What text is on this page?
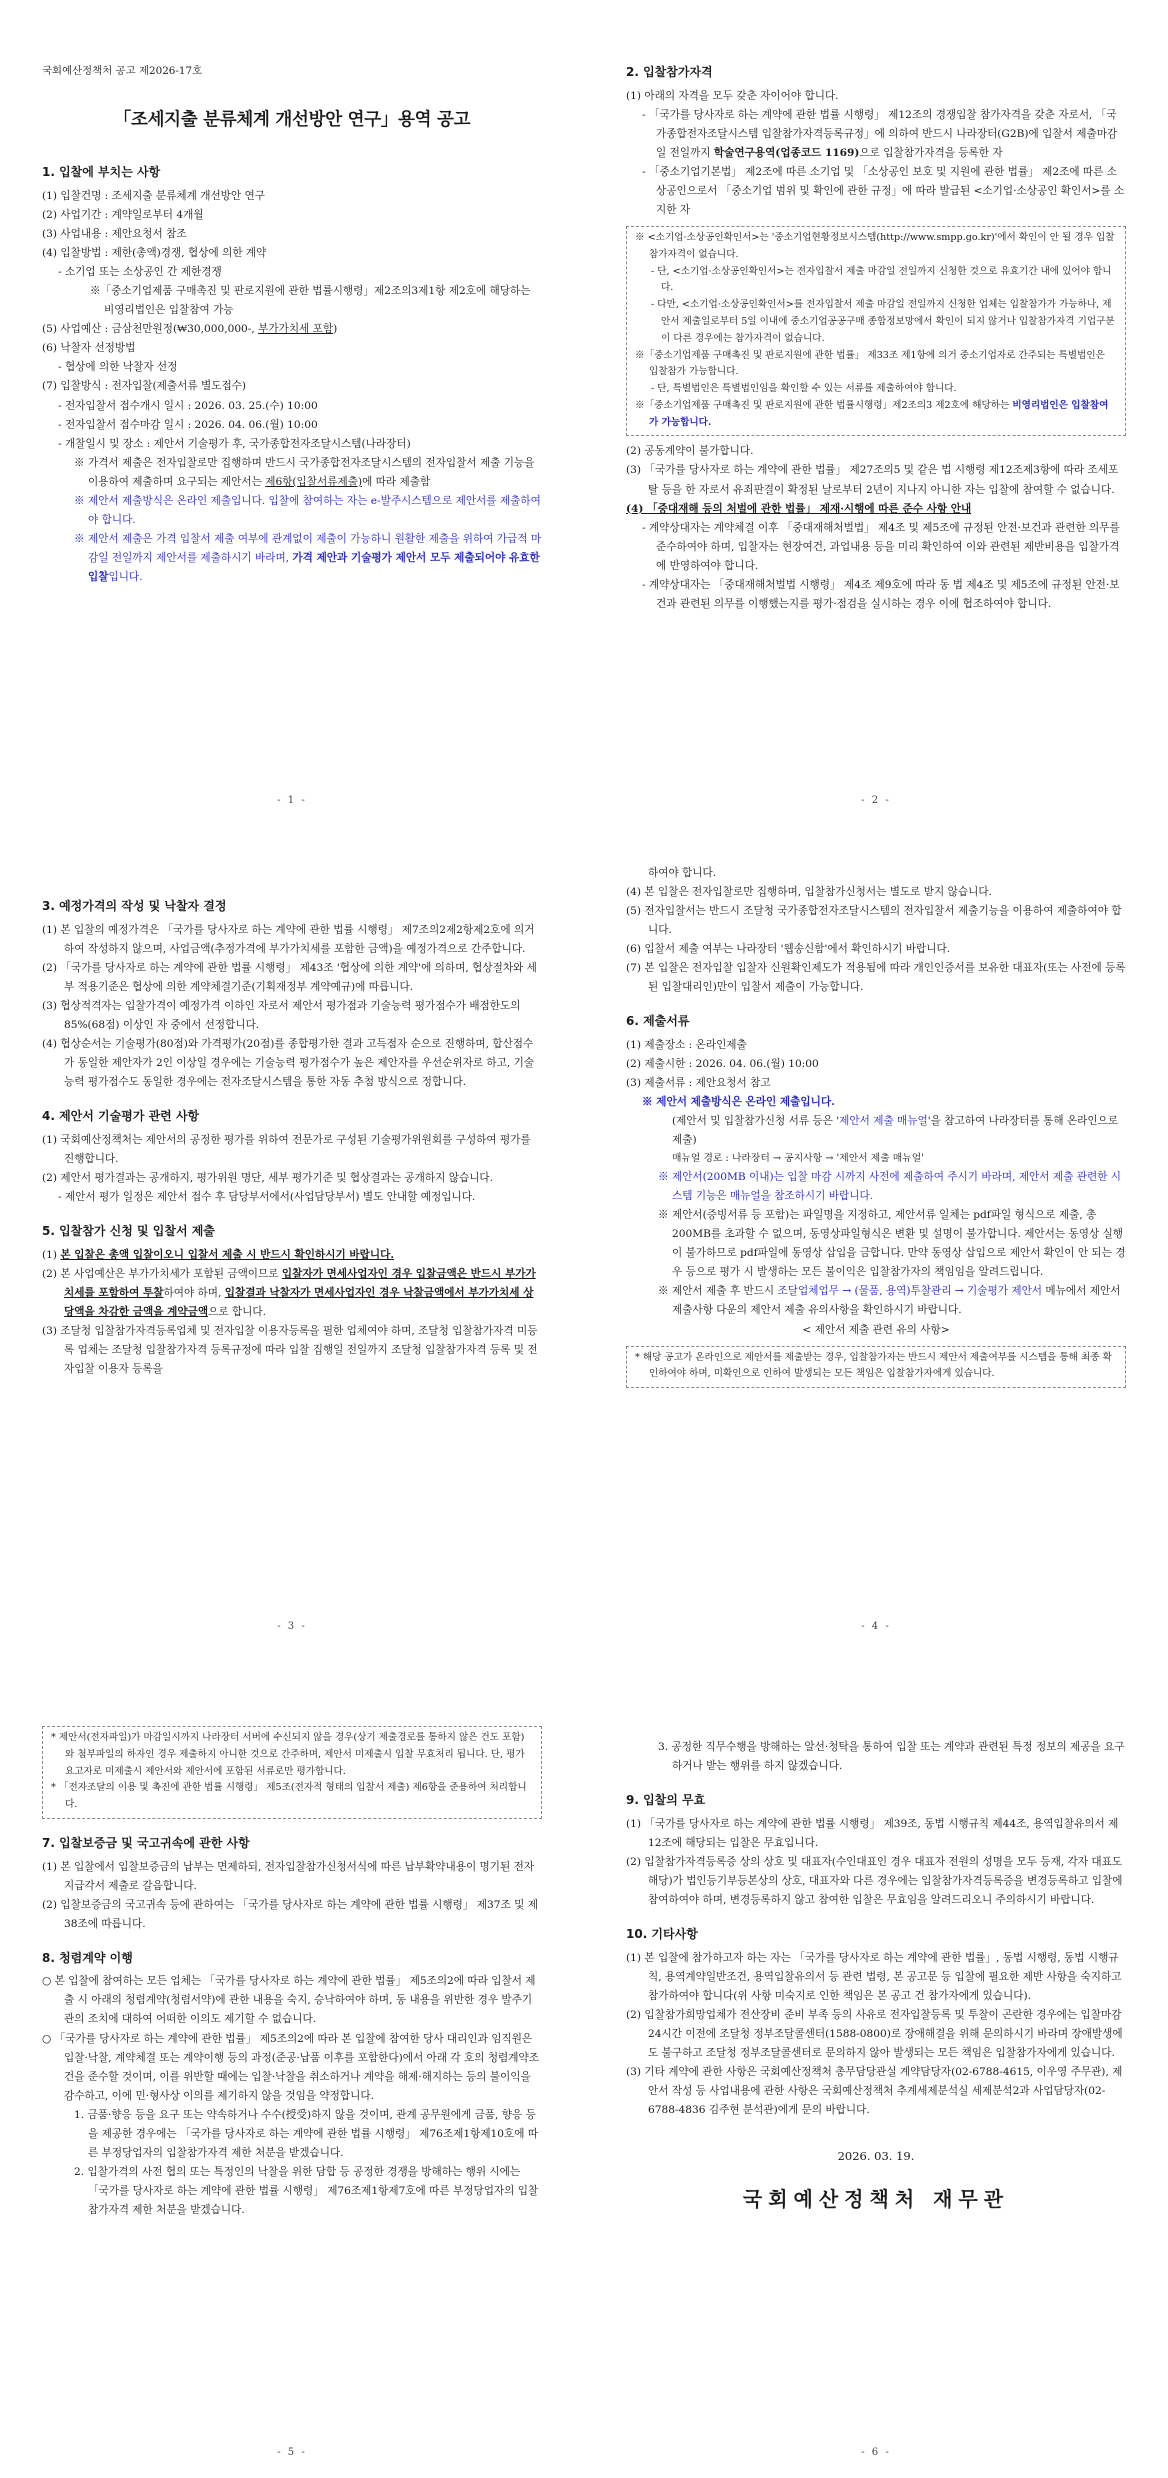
국회예산정책처 공고 제2026-17호
「조세지출 분류체계 개선방안 연구」용역 공고
1. 입찰에 부치는 사항
(1) 입찰건명 : 조세지출 분류체계 개선방안 연구
(2) 사업기간 : 계약일로부터 4개월
(3) 사업내용 : 제안요청서 참조
(4) 입찰방법 : 제한(총액)경쟁, 협상에 의한 계약
- 소기업 또는 소상공인 간 제한경쟁
※「중소기업제품 구매촉진 및 판로지원에 관한 법률시행령」제2조의3제1항 제2호에 해당하는 비영리법인은 입찰참여 가능
(5) 사업예산 : 금삼천만원정(₩30,000,000-, 부가가치세 포함)
(6) 낙찰자 선정방법
- 협상에 의한 낙찰자 선정
(7) 입찰방식 : 전자입찰(제출서류 별도접수)
- 전자입찰서 접수개시 일시 : 2026. 03. 25.(수) 10:00
- 전자입찰서 접수마감 일시 : 2026. 04. 06.(월) 10:00
- 개찰일시 및 장소 : 제안서 기술평가 후, 국가종합전자조달시스템(나라장터)
※ 가격서 제출은 전자입찰로만 집행하며 반드시 국가종합전자조달시스템의 전자입찰서 제출 기능을 이용하여 제출하며 요구되는 제안서는 제6항(입찰서류제출)에 따라 제출함
※ 제안서 제출방식은 온라인 제출입니다. 입찰에 참여하는 자는 e-발주시스템으로 제안서를 제출하여야 합니다.
※ 제안서 제출은 가격 입찰서 제출 여부에 관계없이 제출이 가능하니 원활한 제출을 위하여 가급적 마감일 전일까지 제안서를 제출하시기 바라며, 가격 제안과 기술평가 제안서 모두 제출되어야 유효한 입찰입니다.
- 1 -
2. 입찰참가자격
(1) 아래의 자격을 모두 갖춘 자이어야 합니다.
- 「국가를 당사자로 하는 계약에 관한 법률 시행령」 제12조의 경쟁입찰 참가자격을 갖춘 자로서, 「국가종합전자조달시스템 입찰참가자격등록규정」에 의하여 반드시 나라장터(G2B)에 입찰서 제출마감일 전일까지 학술연구용역(업종코드 1169)으로 입찰참가자격을 등록한 자
- 「중소기업기본법」 제2조에 따른 소기업 및 「소상공인 보호 및 지원에 관한 법률」 제2조에 따른 소상공인으로서 「중소기업 범위 및 확인에 관한 규정」에 따라 발급된 <소기업·소상공인 확인서>를 소지한 자
※ <소기업·소상공인확인서>는 '중소기업현황정보시스템(http://www.smpp.go.kr)'에서 확인이 안 될 경우 입찰 참가자격이 없습니다.
- 단, <소기업·소상공인확인서>는 전자입찰서 제출 마감일 전일까지 신청한 것으로 유효기간 내에 있어야 합니다.
- 다만, <소기업·소상공인확인서>를 전자입찰서 제출 마감일 전일까지 신청한 업체는 입찰참가가 가능하나, 제안서 제출일로부터 5일 이내에 중소기업공공구매 종합정보망에서 확인이 되지 않거나 입찰참가자격 기업구분이 다른 경우에는 참가자격이 없습니다.
※「중소기업제품 구매촉진 및 판로지원에 관한 법률」 제33조 제1항에 의거 중소기업자로 간주되는 특별법인은 입찰참가 가능합니다.
- 단, 특별법인은 특별법인임을 확인할 수 있는 서류를 제출하여야 합니다.
※「중소기업제품 구매촉진 및 판로지원에 관한 법률시행령」제2조의3 제2호에 해당하는 비영리법인은 입찰참여가 가능합니다.
(2) 공동계약이 불가합니다.
(3) 「국가를 당사자로 하는 계약에 관한 법률」 제27조의5 및 같은 법 시행령 제12조제3항에 따라 조세포탈 등을 한 자로서 유죄판결이 확정된 날로부터 2년이 지나지 아니한 자는 입찰에 참여할 수 없습니다.
(4) 「중대재해 등의 처벌에 관한 법률」 제재·시행에 따른 준수 사항 안내
- 계약상대자는 계약체결 이후 「중대재해처벌법」 제4조 및 제5조에 규정된 안전·보건과 관련한 의무를 준수하여야 하며, 입찰자는 현장여건, 과업내용 등을 미리 확인하여 이와 관련된 제반비용을 입찰가격에 반영하여야 합니다.
- 계약상대자는 「중대재해처벌법 시행령」 제4조 제9호에 따라 동 법 제4조 및 제5조에 규정된 안전·보건과 관련된 의무를 이행했는지를 평가·점검을 실시하는 경우 이에 협조하여야 합니다.
- 2 -
3. 예정가격의 작성 및 낙찰자 결정
(1) 본 입찰의 예정가격은 「국가를 당사자로 하는 계약에 관한 법률 시행령」 제7조의2제2항제2호에 의거하여 작성하지 않으며, 사업금액(추정가격에 부가가치세를 포함한 금액)을 예정가격으로 간주합니다.
(2) 「국가를 당사자로 하는 계약에 관한 법률 시행령」 제43조 '협상에 의한 계약'에 의하며, 협상절차와 세부 적용기준은 협상에 의한 계약체결기준(기획재정부 계약예규)에 따릅니다.
(3) 협상적격자는 입찰가격이 예정가격 이하인 자로서 제안서 평가점과 기술능력 평가점수가 배점한도의 85%(68점) 이상인 자 중에서 선정합니다.
(4) 협상순서는 기술평가(80점)와 가격평가(20점)를 종합평가한 결과 고득점자 순으로 진행하며, 합산점수가 동일한 제안자가 2인 이상일 경우에는 기술능력 평가점수가 높은 제안자를 우선순위자로 하고, 기술능력 평가점수도 동일한 경우에는 전자조달시스템을 통한 자동 추첨 방식으로 정합니다.
4. 제안서 기술평가 관련 사항
(1) 국회예산정책처는 제안서의 공정한 평가를 위하여 전문가로 구성된 기술평가위원회를 구성하여 평가를 진행합니다.
(2) 제안서 평가결과는 공개하지, 평가위원 명단, 세부 평가기준 및 협상결과는 공개하지 않습니다.
- 제안서 평가 일정은 제안서 접수 후 담당부서에서(사업담당부서) 별도 안내할 예정입니다.
5. 입찰참가 신청 및 입찰서 제출
(1) 본 입찰은 총액 입찰이오니 입찰서 제출 시 반드시 확인하시기 바랍니다.
(2) 본 사업예산은 부가가치세가 포함된 금액이므로 입찰자가 면세사업자인 경우 입찰금액은 반드시 부가가치세를 포함하여 투찰하여야 하며, 입찰결과 낙찰자가 면세사업자인 경우 낙찰금액에서 부가가치세 상당액을 차감한 금액을 계약금액으로 합니다.
(3) 조달청 입찰참가자격등록업체 및 전자입찰 이용자등록을 필한 업체여야 하며, 조달청 입찰참가자격 미등록 업체는 조달청 입찰참가자격 등록규정에 따라 입찰 집행일 전일까지 조달청 입찰참가자격 등록 및 전자입찰 이용자 등록을
- 3 -
하여야 합니다.
(4) 본 입찰은 전자입찰로만 집행하며, 입찰참가신청서는 별도로 받지 않습니다.
(5) 전자입찰서는 반드시 조달청 국가종합전자조달시스템의 전자입찰서 제출기능을 이용하여 제출하여야 합니다.
(6) 입찰서 제출 여부는 나라장터 '웹송신함'에서 확인하시기 바랍니다.
(7) 본 입찰은 전자입찰 입찰자 신원확인제도가 적용됨에 따라 개인인증서를 보유한 대표자(또는 사전에 등록된 입찰대리인)만이 입찰서 제출이 가능합니다.
6. 제출서류
(1) 제출장소 : 온라인제출
(2) 제출시한 : 2026. 04. 06.(월) 10:00
(3) 제출서류 : 제안요청서 참고
※ 제안서 제출방식은 온라인 제출입니다.
(제안서 및 입찰참가신청 서류 등은 '제안서 제출 매뉴얼'을 참고하여 나라장터를 통해 온라인으로 제출)
매뉴얼 경로 : 나라장터 → 공지사항 → '제안서 제출 매뉴얼'
※ 제안서(200MB 이내)는 입찰 마감 시까지 사전에 제출하여 주시기 바라며, 제안서 제출 관련한 시스템 기능은 매뉴얼을 참조하시기 바랍니다.
※ 제안서(증빙서류 등 포함)는 파일명을 지정하고, 제안서류 일체는 pdf파일 형식으로 제출, 총 200MB를 초과할 수 없으며, 동영상파일형식은 변환 및 설명이 불가합니다. 제안서는 동영상 실행이 불가하므로 pdf파일에 동영상 삽입을 금합니다. 만약 동영상 삽입으로 제안서 확인이 안 되는 경우 등으로 평가 시 발생하는 모든 불이익은 입찰참가자의 책임임을 알려드립니다.
※ 제안서 제출 후 반드시 조달업체업무 → (물품, 용역)투찰관리 → 기술평가 제안서 메뉴에서 제안서 제출사항 다운의 제안서 제출 유의사항을 확인하시기 바랍니다.
< 제안서 제출 관련 유의 사항>
* 해당 공고가 온라인으로 제안서를 제출받는 경우, 입찰참가자는 반드시 제안서 제출여부를 시스템을 통해 최종 확인하여야 하며, 미확인으로 인하여 발생되는 모든 책임은 입찰참가자에게 있습니다.
- 4 -
* 제안서(전자파일)가 마감일시까지 나라장터 서버에 수신되지 않을 경우(상기 제출경로를 통하지 않은 건도 포함)와 첨부파일의 하자인 경우 제출하지 아니한 것으로 간주하며, 제안서 미제출시 입찰 무효처리 됩니다. 단, 평가요고자로 미제출시 제안서와 제안서에 포함된 서류로만 평가합니다.
* 「전자조달의 이용 및 촉진에 관한 법률 시행령」 제5조(전자적 형태의 입찰서 제출) 제6항을 준용하여 처리합니다.
7. 입찰보증금 및 국고귀속에 관한 사항
(1) 본 입찰에서 입찰보증금의 납부는 면제하되, 전자입찰참가신청서식에 따른 납부확약내용이 명기된 전자지급각서 제출로 갈음합니다.
(2) 입찰보증금의 국고귀속 등에 관하여는 「국가를 당사자로 하는 계약에 관한 법률 시행령」 제37조 및 제38조에 따릅니다.
8. 청렴계약 이행
○ 본 입찰에 참여하는 모든 업체는 「국가를 당사자로 하는 계약에 관한 법률」 제5조의2에 따라 입찰서 제출 시 아래의 청렴계약(청렴서약)에 관한 내용을 숙지, 승낙하여야 하며, 동 내용을 위반한 경우 발주기관의 조치에 대하여 어떠한 이의도 제기할 수 없습니다.
○ 「국가를 당사자로 하는 계약에 관한 법률」 제5조의2에 따라 본 입찰에 참여한 당사 대리인과 임직원은 입찰·낙찰, 계약체결 또는 계약이행 등의 과정(준공·납품 이후를 포함한다)에서 아래 각 호의 청렴계약조건을 준수할 것이며, 이를 위반할 때에는 입찰·낙찰을 취소하거나 계약을 해제·해지하는 등의 불이익을 감수하고, 이에 민·형사상 이의를 제기하지 않을 것임을 약정합니다.
1. 금품·향응 등을 요구 또는 약속하거나 수수(授受)하지 않을 것이며, 관계 공무원에게 금품, 향응 등을 제공한 경우에는 「국가를 당사자로 하는 계약에 관한 법률 시행령」 제76조제1항제10호에 따른 부정당업자의 입찰참가자격 제한 처분을 받겠습니다.
2. 입찰가격의 사전 협의 또는 특정인의 낙찰을 위한 담합 등 공정한 경쟁을 방해하는 행위 시에는 「국가를 당사자로 하는 계약에 관한 법률 시행령」 제76조제1항제7호에 따른 부정당업자의 입찰참가자격 제한 처분을 받겠습니다.
- 5 -
3. 공정한 직무수행을 방해하는 알선·청탁을 통하여 입찰 또는 계약과 관련된 특정 정보의 제공을 요구하거나 받는 행위를 하지 않겠습니다.
9. 입찰의 무효
(1) 「국가를 당사자로 하는 계약에 관한 법률 시행령」 제39조, 동법 시행규칙 제44조, 용역입찰유의서 제12조에 해당되는 입찰은 무효입니다.
(2) 입찰참가자격등록증 상의 상호 및 대표자(수인대표인 경우 대표자 전원의 성명을 모두 등재, 각자 대표도 해당)가 법인등기부등본상의 상호, 대표자와 다른 경우에는 입찰참가자격등록증을 변경등록하고 입찰에 참여하여야 하며, 변경등록하지 않고 참여한 입찰은 무효임을 알려드리오니 주의하시기 바랍니다.
10. 기타사항
(1) 본 입찰에 참가하고자 하는 자는 「국가를 당사자로 하는 계약에 관한 법률」, 동법 시행령, 동법 시행규칙, 용역계약일반조건, 용역입찰유의서 등 관련 법령, 본 공고문 등 입찰에 필요한 제반 사항을 숙지하고 참가하여야 합니다(위 사항 미숙지로 인한 책임은 본 공고 건 참가자에게 있습니다).
(2) 입찰참가희망업체가 전산장비 준비 부족 등의 사유로 전자입찰등록 및 투찰이 곤란한 경우에는 입찰마감 24시간 이전에 조달청 정부조달콜센터(1588-0800)로 장애해결을 위해 문의하시기 바라며 장애발생에도 불구하고 조달청 정부조달콜센터로 문의하지 않아 발생되는 모든 책임은 입찰참가자에게 있습니다.
(3) 기타 계약에 관한 사항은 국회예산정책처 총무담당관실 계약담당자(02-6788-4615, 이우영 주무관), 제안서 작성 등 사업내용에 관한 사항은 국회예산정책처 추계세제분석실 세제분석2과 사업담당자(02-6788-4836 김주현 분석관)에게 문의 바랍니다.
2026. 03. 19.
국회예산정책처 재무관
- 6 -
